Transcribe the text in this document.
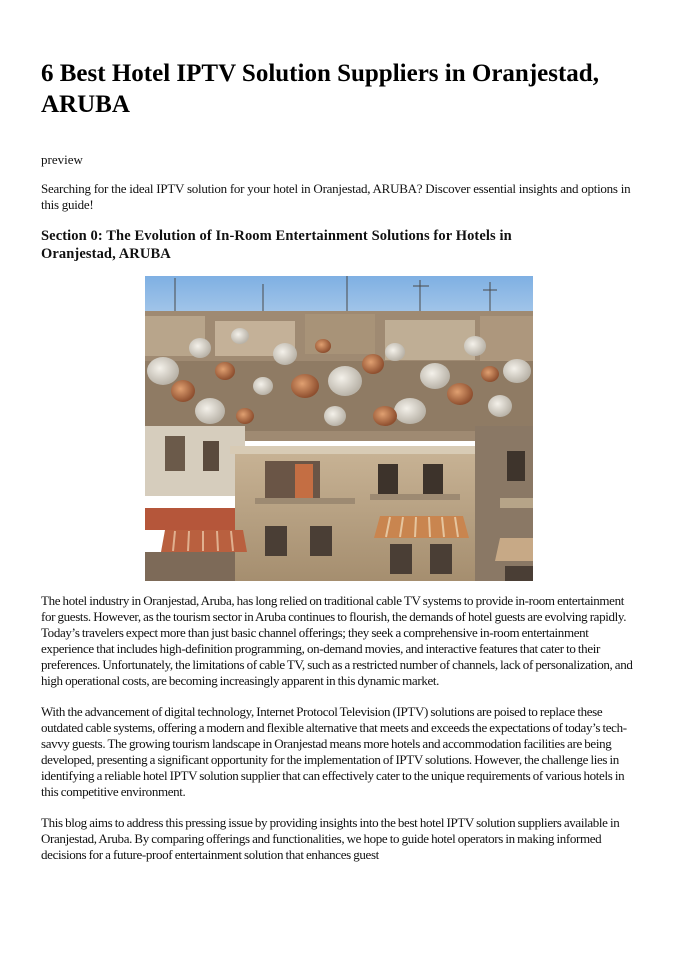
6 Best Hotel IPTV Solution Suppliers in Oranjestad, ARUBA
preview
Searching for the ideal IPTV solution for your hotel in Oranjestad, ARUBA? Discover essential insights and options in this guide!
Section 0: The Evolution of In-Room Entertainment Solutions for Hotels in Oranjestad, ARUBA
The hotel industry in Oranjestad, Aruba, has long relied on traditional cable TV systems to provide in-room entertainment for guests. However, as the tourism sector in Aruba continues to flourish, the demands of hotel guests are evolving rapidly. Today’s travelers expect more than just basic channel offerings; they seek a comprehensive in-room entertainment experience that includes high-definition programming, on-demand movies, and interactive features that cater to their preferences. Unfortunately, the limitations of cable TV, such as a restricted number of channels, lack of personalization, and high operational costs, are becoming increasingly apparent in this dynamic market.
With the advancement of digital technology, Internet Protocol Television (IPTV) solutions are poised to replace these outdated cable systems, offering a modern and flexible alternative that meets and exceeds the expectations of today’s tech-savvy guests. The growing tourism landscape in Oranjestad means more hotels and accommodation facilities are being developed, presenting a significant opportunity for the implementation of IPTV solutions. However, the challenge lies in identifying a reliable hotel IPTV solution supplier that can effectively cater to the unique requirements of various hotels in this competitive environment.
This blog aims to address this pressing issue by providing insights into the best hotel IPTV solution suppliers available in Oranjestad, Aruba. By comparing offerings and functionalities, we hope to guide hotel operators in making informed decisions for a future-proof entertainment solution that enhances guest
